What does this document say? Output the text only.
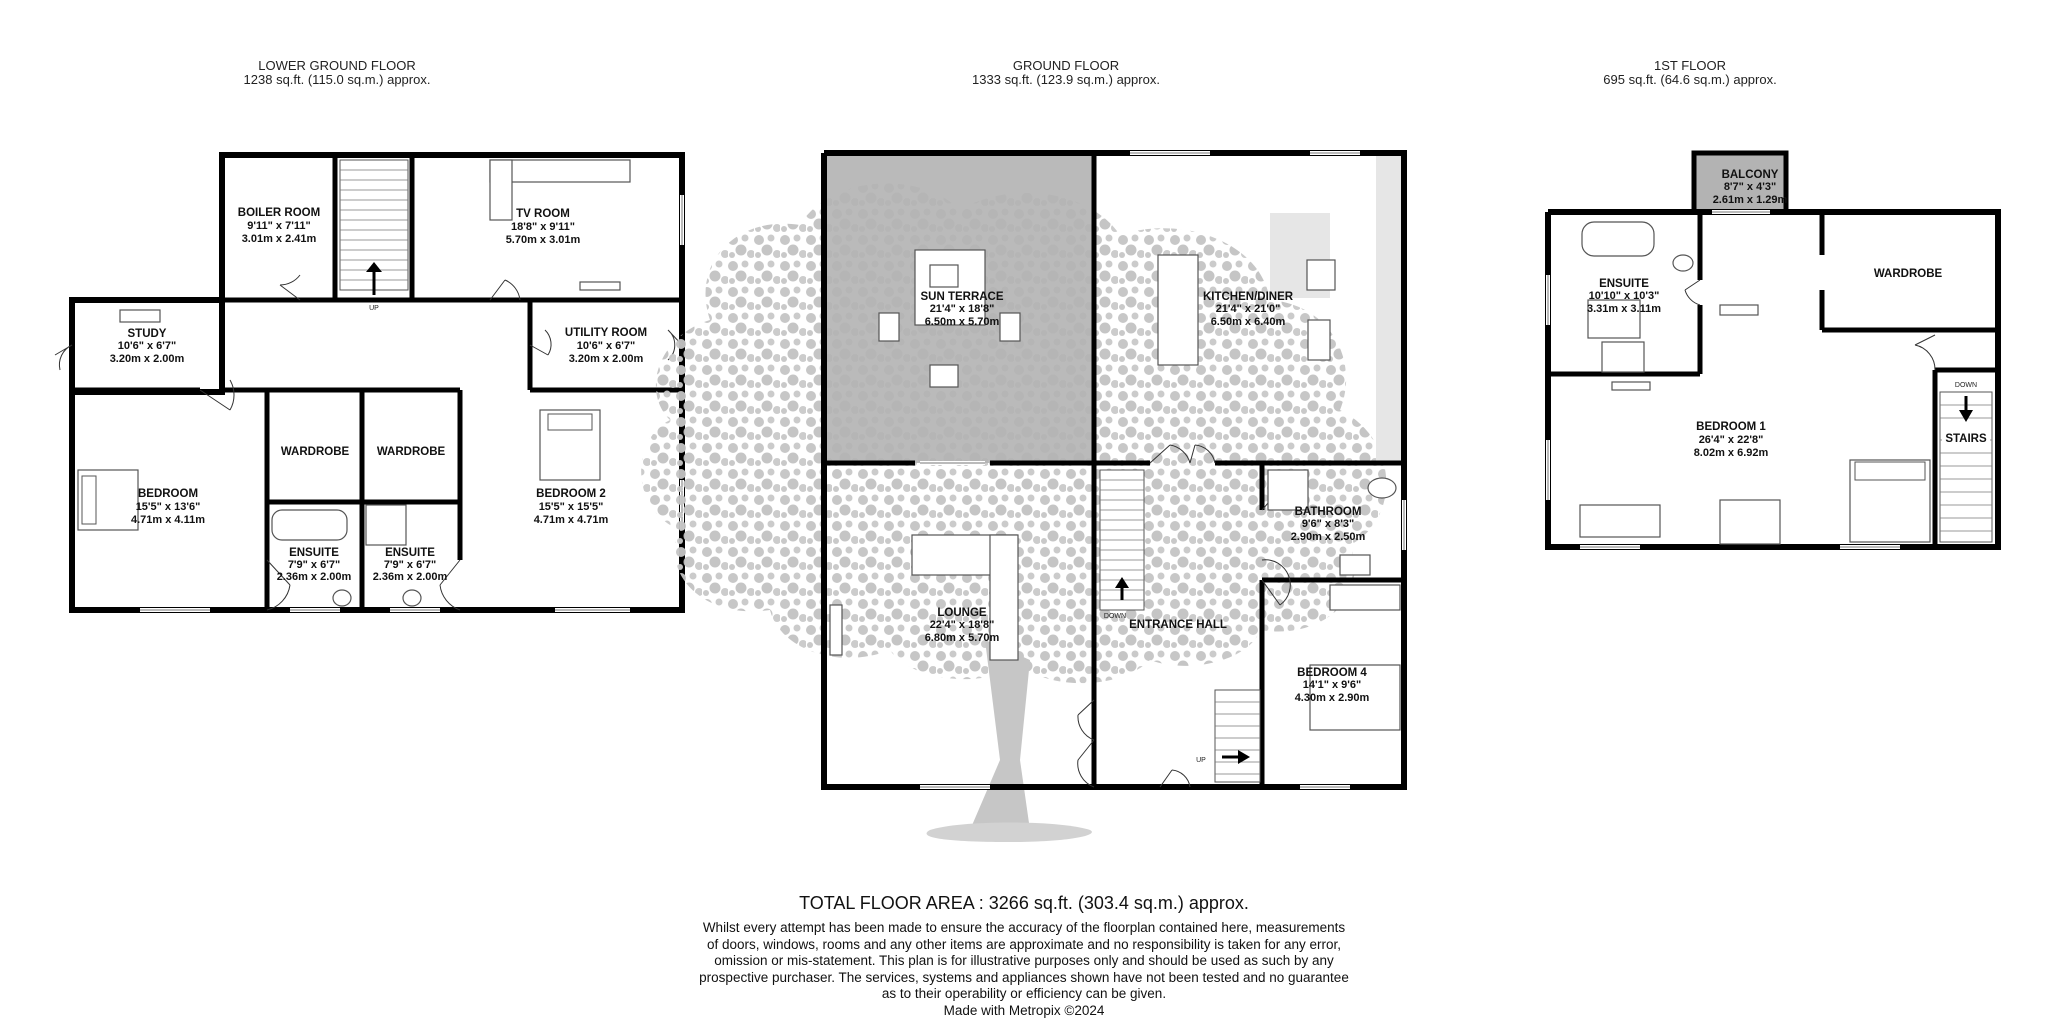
LOWER GROUND FLOOR
1238 sq.ft. (115.0 sq.m.) approx.
GROUND FLOOR
1333 sq.ft. (123.9 sq.m.) approx.
1ST FLOOR
695 sq.ft. (64.6 sq.m.) approx.
UP
BOILER ROOM
9'11" x 7'11"
3.01m x 2.41m
TV ROOM
18'8" x 9'11"
5.70m x 3.01m
STUDY
10'6" x 6'7"
3.20m x 2.00m
UTILITY ROOM
10'6" x 6'7"
3.20m x 2.00m
WARDROBE WARDROBE
BEDROOM
15'5" x 13'6"
4.71m x 4.11m
ENSUITE
7'9" x 6'7"
2.36m x 2.00m
ENSUITE
7'9" x 6'7"
2.36m x 2.00m
BEDROOM 2
15'5" x 15'5"
4.71m x 4.71m
DOWN
UP
SUN TERRACE
21'4" x 18'8"
6.50m x 5.70m
KITCHEN/DINER
21'4" x 21'0"
6.50m x 6.40m
LOUNGE
22'4" x 18'8"
6.80m x 5.70m
BATHROOM
9'6" x 8'3"
2.90m x 2.50m
ENTRANCE HALL
BEDROOM 4
14'1" x 9'6"
4.30m x 2.90m
DOWN
BALCONY
8'7" x 4'3"
2.61m x 1.29m
ENSUITE
10'10" x 10'3"
3.31m x 3.11m
WARDROBE
BEDROOM 1
26'4" x 22'8"
8.02m x 6.92m
STAIRS
TOTAL FLOOR AREA : 3266 sq.ft. (303.4 sq.m.) approx.
Whilst every attempt has been made to ensure the accuracy of the floorplan contained here, measurements
of doors, windows, rooms and any other items are approximate and no responsibility is taken for any error,
omission or mis-statement. This plan is for illustrative purposes only and should be used as such by any
prospective purchaser. The services, systems and appliances shown have not been tested and no guarantee
as to their operability or efficiency can be given.
Made with Metropix ©2024
